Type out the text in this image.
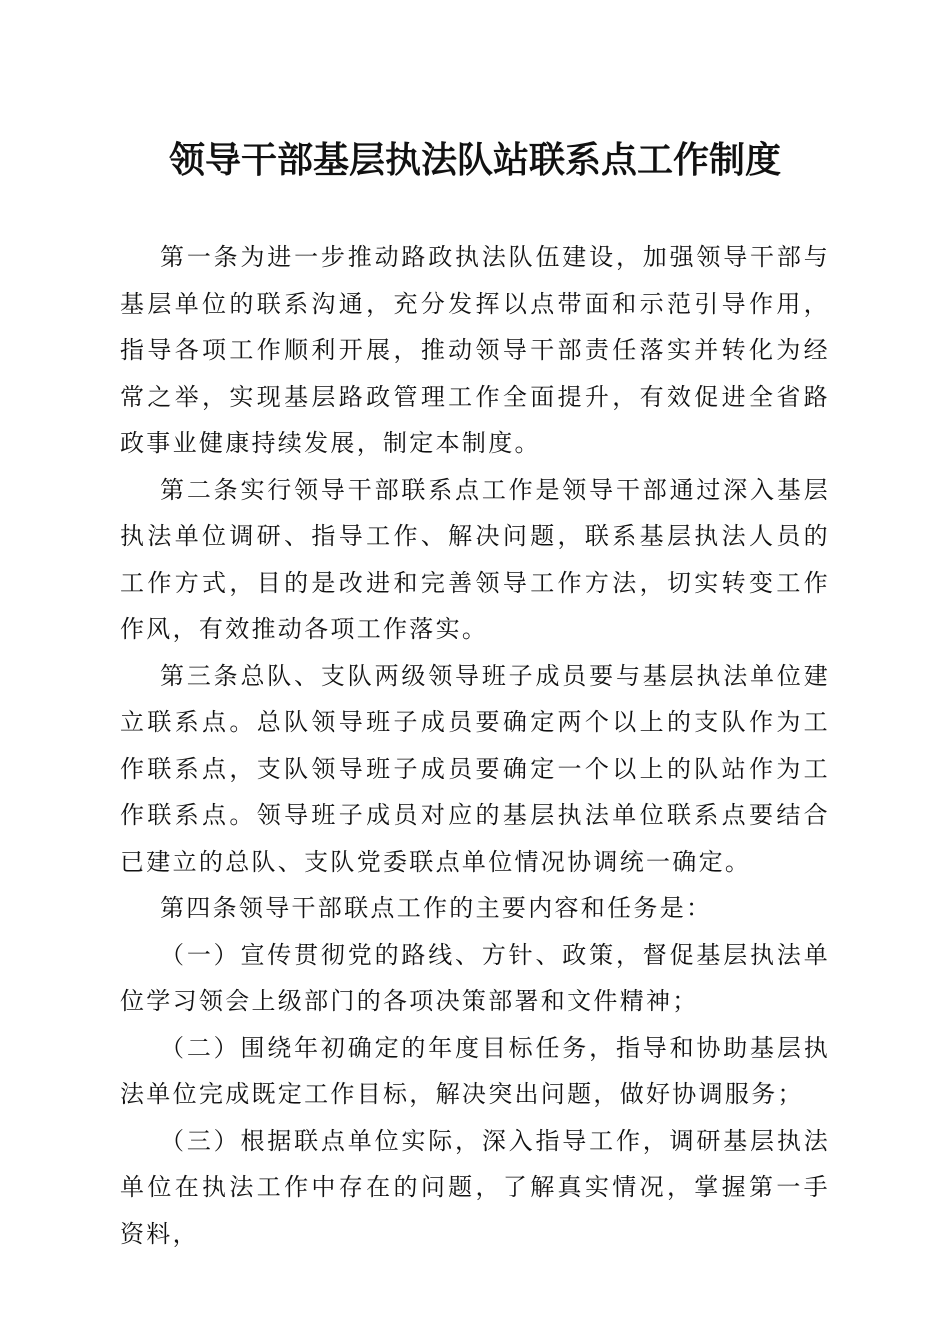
领导干部基层执法队站联系点工作制度

第一条为进一步推动路政执法队伍建设，加强领导干部与基层单位的联系沟通，充分发挥以点带面和示范引导作用，指导各项工作顺利开展，推动领导干部责任落实并转化为经常之举，实现基层路政管理工作全面提升，有效促进全省路政事业健康持续发展，制定本制度。

第二条实行领导干部联系点工作是领导干部通过深入基层执法单位调研、指导工作、解决问题，联系基层执法人员的工作方式，目的是改进和完善领导工作方法，切实转变工作作风，有效推动各项工作落实。

第三条总队、支队两级领导班子成员要与基层执法单位建立联系点。总队领导班子成员要确定两个以上的支队作为工作联系点，支队领导班子成员要确定一个以上的队站作为工作联系点。领导班子成员对应的基层执法单位联系点要结合已建立的总队、支队党委联点单位情况协调统一确定。

第四条领导干部联点工作的主要内容和任务是：

（一）宣传贯彻党的路线、方针、政策，督促基层执法单位学习领会上级部门的各项决策部署和文件精神；

（二）围绕年初确定的年度目标任务，指导和协助基层执法单位完成既定工作目标，解决突出问题，做好协调服务；

（三）根据联点单位实际，深入指导工作，调研基层执法单位在执法工作中存在的问题，了解真实情况，掌握第一手资料，
